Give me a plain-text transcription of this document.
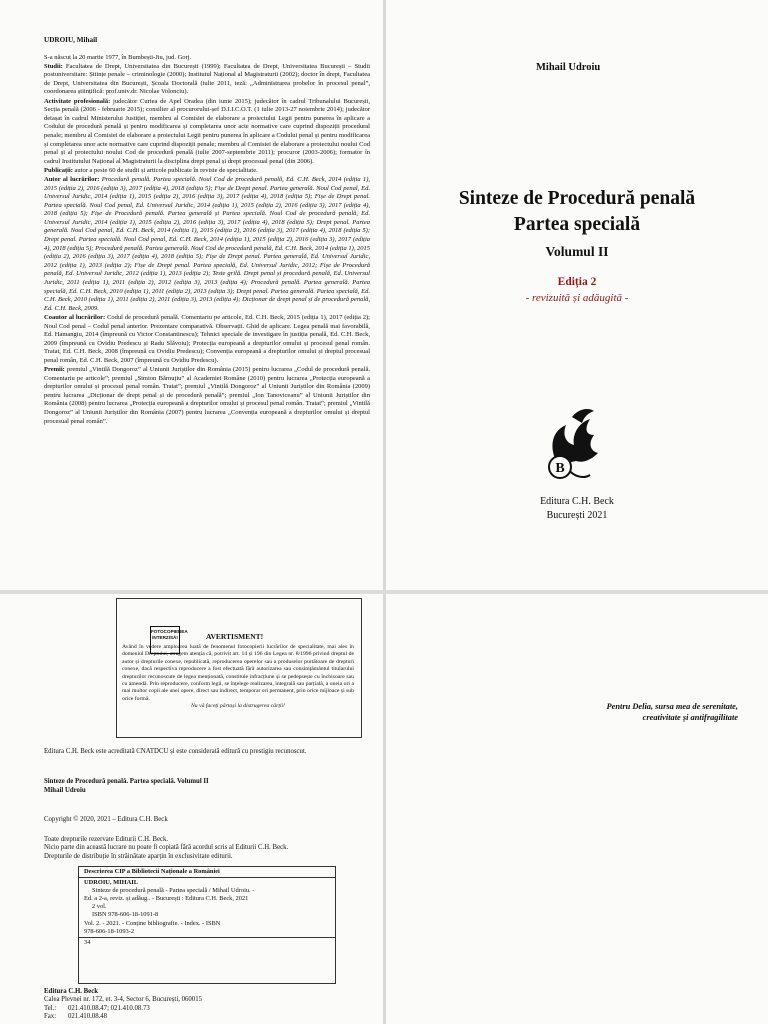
UDROIU, Mihail

S-a născut la 20 martie 1977, în Bumbești-Jiu, jud. Gorj.

Studii: Facultatea de Drept, Universitatea din București (1999); Facultatea de Drept, Universitatea București – Studii postuniversitare: Științe penale – criminologie (2000); Institutul Național al Magistraturii (2002); doctor în drept, Facultatea de Drept, Universitatea din București, Școala Doctorală (iulie 2011, teză: „Administrarea probelor în procesul penal”, coordonarea științifică: prof.univ.dr. Nicolae Volonciu).

Activitate profesională: judecător Curtea de Apel Oradea (din iunie 2015); judecător în cadrul Tribunalului București, Secția penală (2006 - februarie 2015); consilier al procurorului-șef D.I.I.C.O.T. (1 iulie 2013-27 noiembrie 2014); judecător detașat în cadrul Ministerului Justiției, membru al Comisiei de elaborare a proiectului Legii pentru punerea în aplicare a Codului de procedură penală și pentru modificarea și completarea unor acte normative care cuprind dispoziții procedural penale; membru al Comisiei de elaborare a proiectului Legii pentru punerea în aplicare a Codului penal și pentru modificarea și completarea unor acte normative care cuprind dispoziții penale; membru al Comisiei de elaborare a proiectului noului Cod penal și al proiectului noului Cod de procedură penală (iulie 2007-septembrie 2011); procuror (2003-2006); formator în cadrul Institutului Național al Magistraturii la disciplina drept penal și drept procesual penal (din 2006).

Publicații: autor a peste 60 de studii și articole publicate în reviste de specialitate.

Autor al lucrărilor: Procedură penală. Partea specială. Noul Cod de procedură penală, Ed. C.H. Beck, 2014 (ediția 1), 2015 (ediția 2), 2016 (ediția 3), 2017 (ediția 4), 2018 (ediția 5); Fișe de Drept penal. Partea generală. Noul Cod penal, Ed. Universul Juridic, 2014 (ediția 1), 2015 (ediția 2), 2016 (ediția 3), 2017 (ediția 4), 2018 (ediția 5); Fișe de Drept penal. Partea specială. Noul Cod penal, Ed. Universul Juridic, 2014 (ediția 1), 2015 (ediția 2), 2016 (ediția 3), 2017 (ediția 4), 2018 (ediția 5); Fișe de Procedură penală. Partea generală și Partea specială. Noul Cod de procedură penală, Ed. Universul Juridic, 2014 (ediția 1), 2015 (ediția 2), 2016 (ediția 3), 2017 (ediția 4), 2018 (ediția 5); Drept penal. Partea generală. Noul Cod penal, Ed. C.H. Beck, 2014 (ediția 1), 2015 (ediția 2), 2016 (ediția 3), 2017 (ediția 4), 2018 (ediția 5); Drept penal. Partea specială. Noul Cod penal, Ed. C.H. Beck, 2014 (ediția 1), 2015 (ediția 2), 2016 (ediția 3), 2017 (ediția 4), 2018 (ediția 5); Procedură penală. Partea generală. Noul Cod de procedură penală, Ed. C.H. Beck, 2014 (ediția 1), 2015 (ediția 2), 2016 (ediția 3), 2017 (ediția 4), 2018 (ediția 5); Fișe de Drept penal. Partea generală, Ed. Universul Juridic, 2012 (ediția 1), 2013 (ediția 2); Fișe de Drept penal. Partea specială, Ed. Universul Juridic, 2012; Fișe de Procedură penală, Ed. Universul Juridic, 2012 (ediția 1), 2013 (ediția 2); Teste grilă. Drept penal și procedură penală, Ed. Universul Juridic, 2011 (ediția 1), 2011 (ediția 2), 2012 (ediția 3), 2013 (ediția 4); Procedură penală. Partea generală. Partea specială, Ed. C.H. Beck, 2010 (ediția 1), 2011 (ediția 2), 2013 (ediția 3); Drept penal. Partea generală. Partea specială, Ed. C.H. Beck, 2010 (ediția 1), 2011 (ediția 2), 2011 (ediția 3), 2013 (ediția 4); Dicționar de drept penal și de procedură penală, Ed. C.H. Beck, 2009.

Coautor al lucrărilor: Codul de procedură penală. Comentariu pe articole, Ed. C.H. Beck, 2015 (ediția 1), 2017 (ediția 2); Noul Cod penal – Codul penal anterior. Prezentare comparativă. Observații. Ghid de aplicare. Legea penală mai favorabilă, Ed. Hamangiu, 2014 (împreună cu Victor Constantinescu); Tehnici speciale de investigare în justiția penală, Ed. C.H. Beck, 2009 (împreună cu Ovidiu Predescu și Radu Slăvoiu); Protecția europeană a drepturilor omului și procesul penal român. Tratat, Ed. C.H. Beck, 2008 (împreună cu Ovidiu Predescu); Convenția europeană a drepturilor omului și dreptul procesual penal român, Ed. C.H. Beck, 2007 (împreună cu Ovidiu Predescu).

Premii: premiul „Vintilă Dongoroz” al Uniunii Juriștilor din România (2015) pentru lucrarea „Codul de procedură penală. Comentariu pe articole”; premiul „Simion Bărnuțiu” al Academiei Române (2010) pentru lucrarea „Protecția europeană a drepturilor omului și procesul penal român. Tratat”; premiul „Vintilă Dongoroz” al Uniunii Juriștilor din România (2009) pentru lucrarea „Dicționar de drept penal și de procedură penală”; premiul „Ion Tanoviceanu” al Uniunii Juriștilor din România (2008) pentru lucrarea „Protecția europeană a drepturilor omului și procesul penal român. Tratat”; premiul „Vintilă Dongoroz” al Uniunii Juriștilor din România (2007) pentru lucrarea „Convenția europeană a drepturilor omului și dreptul procesual penal român”.

Mihail Udroiu
Sinteze de Procedură penală
Partea specială
Volumul II
Ediția 2
- revizuită și adăugită -
B
Editura C.H. Beck
București 2021
FOTOCOPIEREA
INTERZISĂ!	AVERTISMENT!
Având în vedere amploarea luată de fenomenul fotocopierii lucrărilor de specialitate, mai ales în domeniul Dreptului, atragem atenția că, potrivit art. 14 și 196 din Legea nr. 8/1996 privind dreptul de autor și drepturile conexe, republicată, reproducerea operelor sau a produselor purtătoare de drepturi conexe, dacă respectiva reproducere a fost efectuată fără autorizarea sau consimțământul titularului drepturilor recunoscute de legea menționată, constituie infracțiune și se pedepsește cu închisoare sau cu amendă. Prin reproducere, conform legii, se înțelege realizarea, integrală sau parțială, a uneia ori a mai multor copii ale unei opere, direct sau indirect, temporar ori permanent, prin orice mijloace și sub orice formă.
Nu vă faceți părtași la distrugerea cărții!
Editura C.H. Beck este acreditată CNATDCU și este considerată editură cu prestigiu recunoscut.
Sinteze de Procedură penală. Partea specială. Volumul II
Mihail Udroiu
Copyright © 2020, 2021 – Editura C.H. Beck
Toate drepturile rezervate Editurii C.H. Beck.
Nicio parte din această lucrare nu poate fi copiată fără acordul scris al Editurii C.H. Beck.
Drepturile de distribuție în străinătate aparțin în exclusivitate editurii.
Descrierea CIP a Bibliotecii Naționale a României
UDROIU, MIHAIL
Sinteze de procedură penală - Partea specială / Mihail Udroiu. -
Ed. a 2-a, reviz. și adăug.. - București : Editura C.H. Beck, 2021
2 vol.
ISBN 978-606-18-1091-8
Vol. 2. - 2021. - Conține bibliografie. - Index. - ISBN
978-606-18-1093-2
34
Editura C.H. Beck
Calea Plevnei nr. 172, et. 3-4, Sector 6, București, 060015
Tel.: 021.410.08.47; 021.410.08.73
Fax: 021.410.08.48
Pentru Delia, sursa mea de serenitate,
creativitate și antifragilitate
